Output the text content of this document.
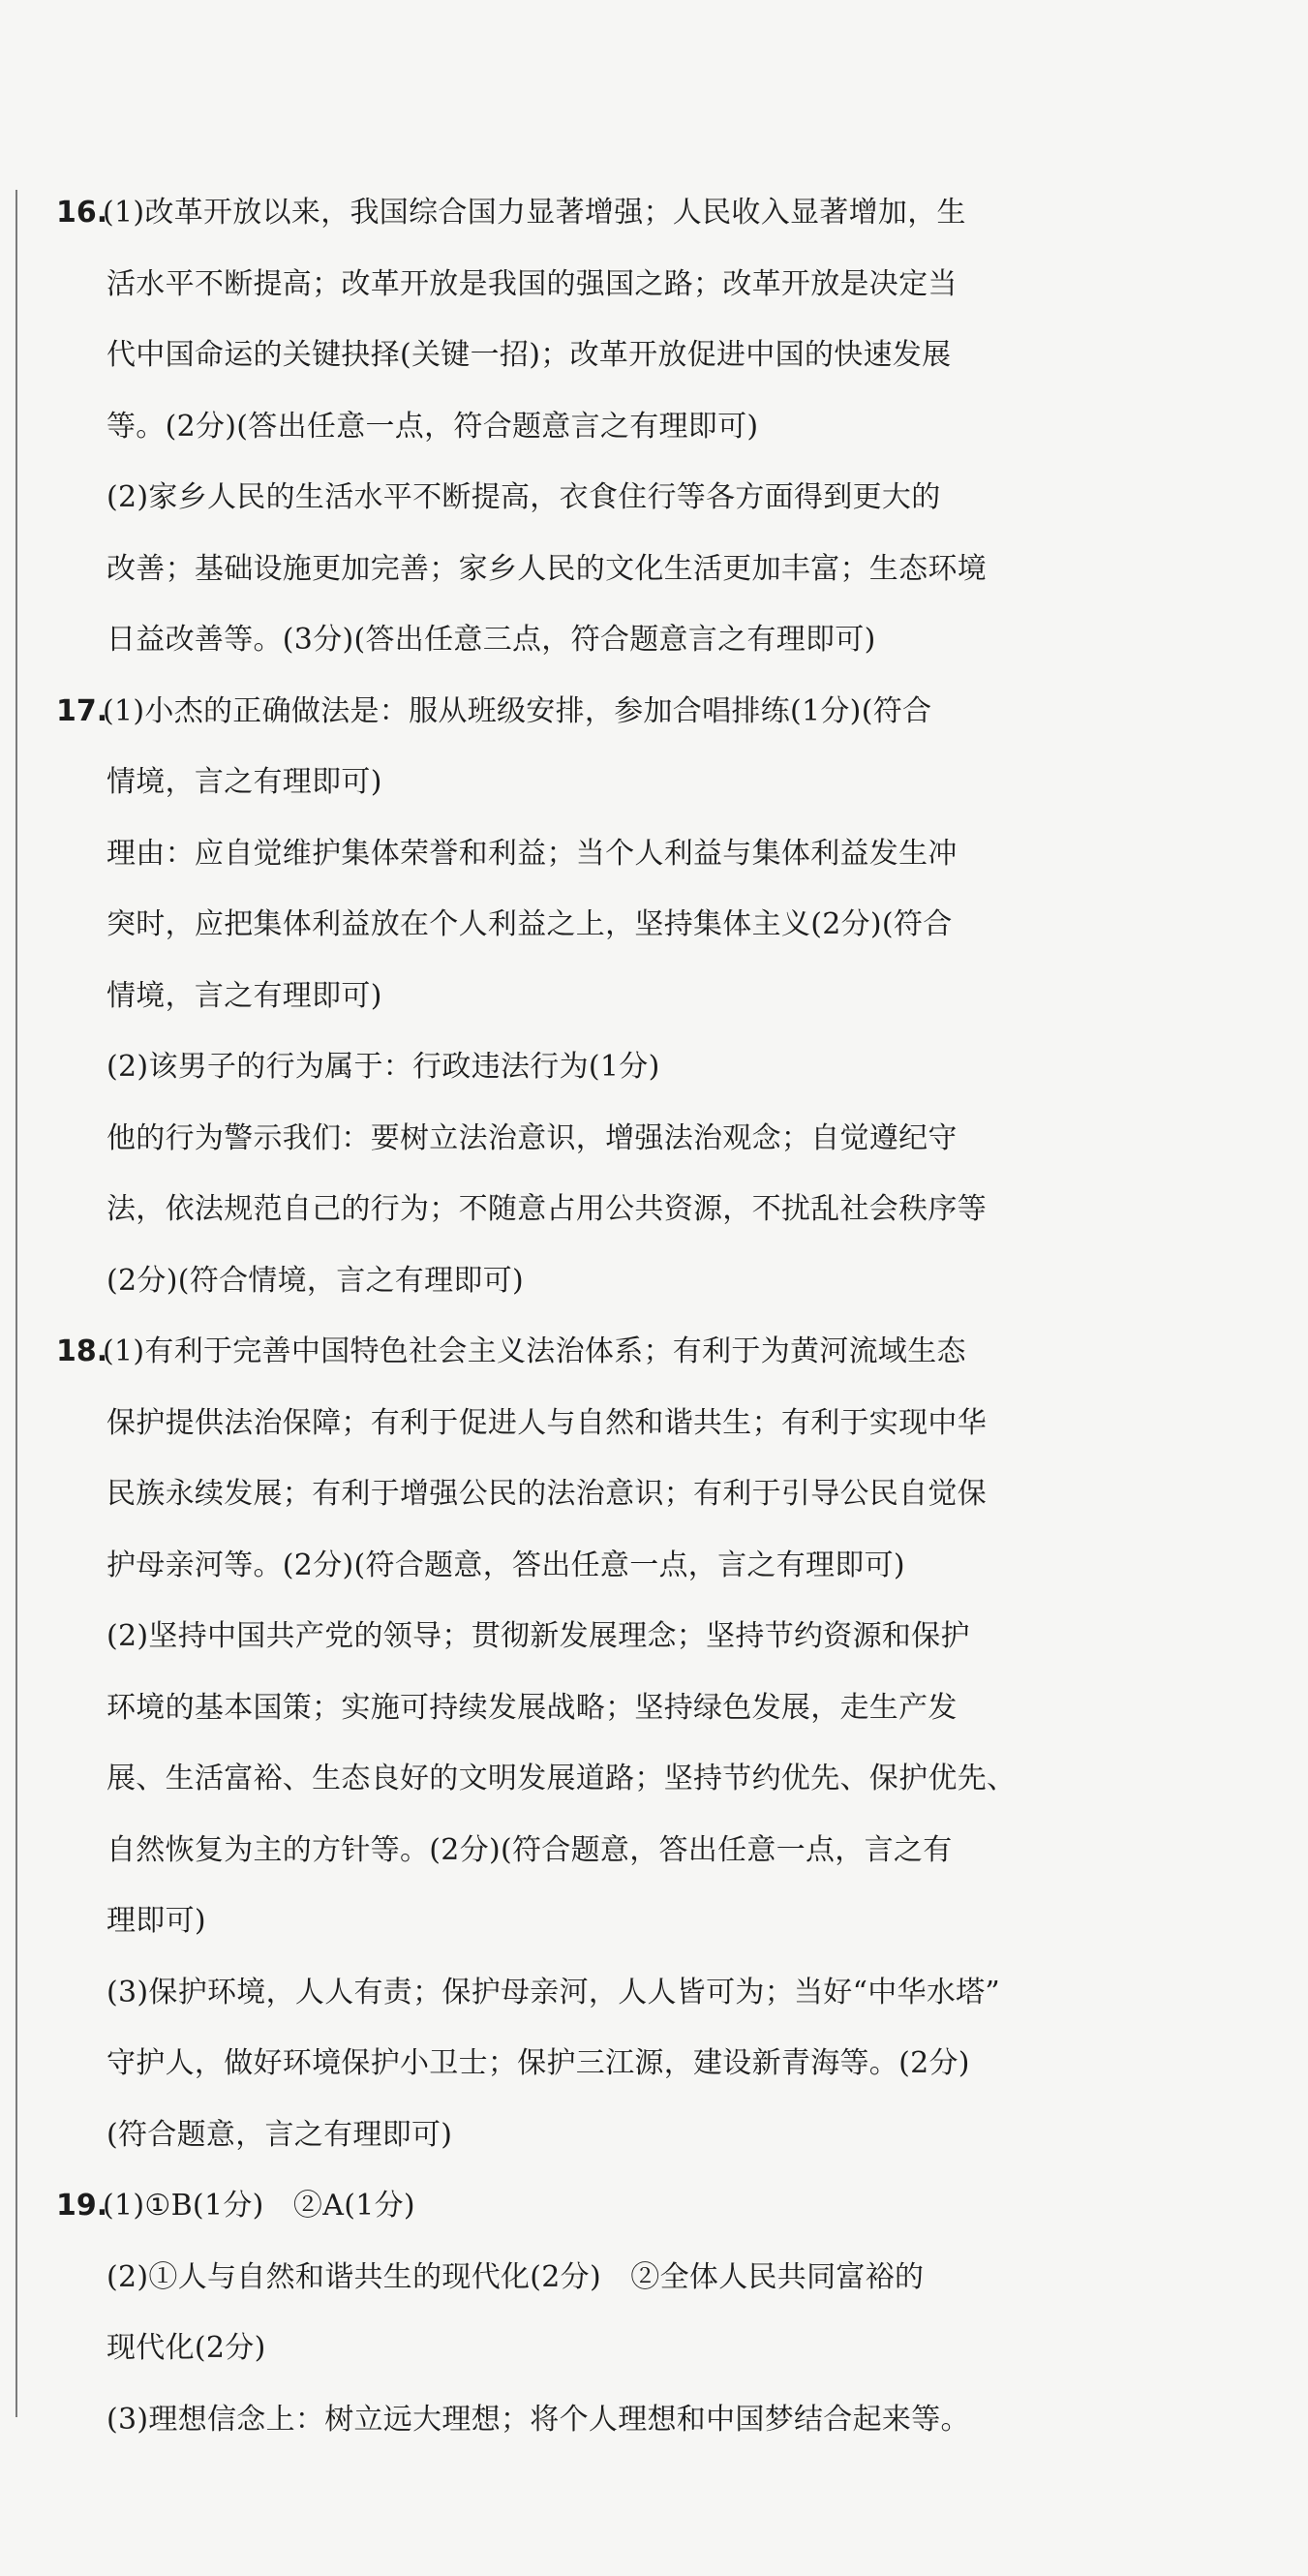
16.
(1)改革开放以来，我国综合国力显著增强；人民收入显著增加，生
活水平不断提高；改革开放是我国的强国之路；改革开放是决定当
代中国命运的关键抉择(关键一招)；改革开放促进中国的快速发展
等。(2分)(答出任意一点，符合题意言之有理即可)
(2)家乡人民的生活水平不断提高，衣食住行等各方面得到更大的
改善；基础设施更加完善；家乡人民的文化生活更加丰富；生态环境
日益改善等。(3分)(答出任意三点，符合题意言之有理即可)
17.
(1)小杰的正确做法是：服从班级安排，参加合唱排练(1分)(符合
情境，言之有理即可)
理由：应自觉维护集体荣誉和利益；当个人利益与集体利益发生冲
突时，应把集体利益放在个人利益之上，坚持集体主义(2分)(符合
情境，言之有理即可)
(2)该男子的行为属于：行政违法行为(1分)
他的行为警示我们：要树立法治意识，增强法治观念；自觉遵纪守
法，依法规范自己的行为；不随意占用公共资源，不扰乱社会秩序等
(2分)(符合情境，言之有理即可)
18.
(1)有利于完善中国特色社会主义法治体系；有利于为黄河流域生态
保护提供法治保障；有利于促进人与自然和谐共生；有利于实现中华
民族永续发展；有利于增强公民的法治意识；有利于引导公民自觉保
护母亲河等。(2分)(符合题意，答出任意一点，言之有理即可)
(2)坚持中国共产党的领导；贯彻新发展理念；坚持节约资源和保护
环境的基本国策；实施可持续发展战略；坚持绿色发展，走生产发
展、生活富裕、生态良好的文明发展道路；坚持节约优先、保护优先、
自然恢复为主的方针等。(2分)(符合题意，答出任意一点，言之有
理即可)
(3)保护环境，人人有责；保护母亲河，人人皆可为；当好“中华水塔”
守护人，做好环境保护小卫士；保护三江源，建设新青海等。(2分)
(符合题意，言之有理即可)
19.
(1)①B(1分)　②A(1分)
(2)①人与自然和谐共生的现代化(2分)　②全体人民共同富裕的
现代化(2分)
(3)理想信念上：树立远大理想；将个人理想和中国梦结合起来等。
